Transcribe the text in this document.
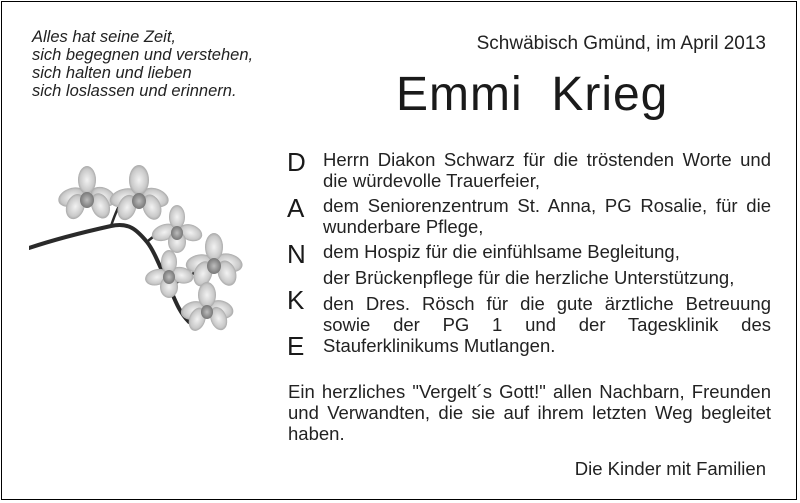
Alles hat seine Zeit,
sich begegnen und verstehen,
sich halten und lieben
sich loslassen und erinnern.

Schwäbisch Gmünd, im April 2013
Emmi  Krieg
D
A
N
K
E
Herrn Diakon Schwarz für die tröstenden Worte und die würdevolle Trauerfeier,
dem Seniorenzentrum St. Anna, PG Rosalie, für die wunderbare Pflege,
dem Hospiz für die einfühlsame Begleitung,
der Brückenpflege für die herzliche Unterstützung,
den Dres. Rösch für die gute ärztliche Betreuung sowie der PG 1 und der Tagesklinik des Stauferklinikums Mutlangen.

Ein herzliches "Vergelt´s Gott!" allen Nachbarn, Freunden und Verwandten, die sie auf ihrem letzten Weg begleitet haben.

Die Kinder mit Familien
